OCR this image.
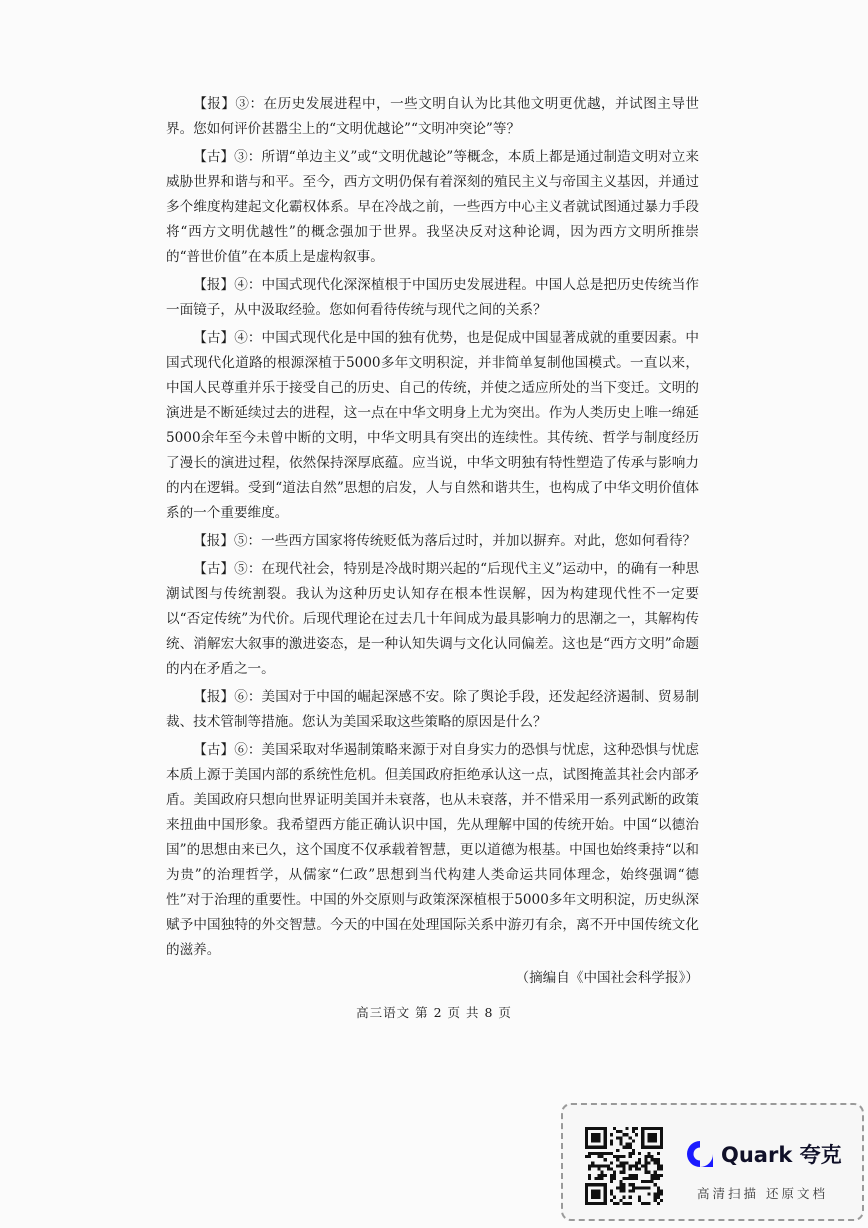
【报】③：在历史发展进程中，一些文明自认为比其他文明更优越，并试图主导世界。您如何评价甚嚣尘上的“文明优越论”“文明冲突论”等？

【古】③：所谓“单边主义”或“文明优越论”等概念，本质上都是通过制造文明对立来威胁世界和谐与和平。至今，西方文明仍保有着深刻的殖民主义与帝国主义基因，并通过多个维度构建起文化霸权体系。早在冷战之前，一些西方中心主义者就试图通过暴力手段将“西方文明优越性”的概念强加于世界。我坚决反对这种论调，因为西方文明所推崇的“普世价值”在本质上是虚构叙事。

【报】④：中国式现代化深深植根于中国历史发展进程。中国人总是把历史传统当作一面镜子，从中汲取经验。您如何看待传统与现代之间的关系？

【古】④：中国式现代化是中国的独有优势，也是促成中国显著成就的重要因素。中国式现代化道路的根源深植于5000多年文明积淀，并非简单复制他国模式。一直以来，中国人民尊重并乐于接受自己的历史、自己的传统，并使之适应所处的当下变迁。文明的演进是不断延续过去的进程，这一点在中华文明身上尤为突出。作为人类历史上唯一绵延5000余年至今未曾中断的文明，中华文明具有突出的连续性。其传统、哲学与制度经历了漫长的演进过程，依然保持深厚底蕴。应当说，中华文明独有特性塑造了传承与影响力的内在逻辑。受到“道法自然”思想的启发，人与自然和谐共生，也构成了中华文明价值体系的一个重要维度。

【报】⑤：一些西方国家将传统贬低为落后过时，并加以摒弃。对此，您如何看待？

【古】⑤：在现代社会，特别是冷战时期兴起的“后现代主义”运动中，的确有一种思潮试图与传统割裂。我认为这种历史认知存在根本性误解，因为构建现代性不一定要以“否定传统”为代价。后现代理论在过去几十年间成为最具影响力的思潮之一，其解构传统、消解宏大叙事的激进姿态，是一种认知失调与文化认同偏差。这也是“西方文明”命题的内在矛盾之一。

【报】⑥：美国对于中国的崛起深感不安。除了舆论手段，还发起经济遏制、贸易制裁、技术管制等措施。您认为美国采取这些策略的原因是什么？

【古】⑥：美国采取对华遏制策略来源于对自身实力的恐惧与忧虑，这种恐惧与忧虑本质上源于美国内部的系统性危机。但美国政府拒绝承认这一点，试图掩盖其社会内部矛盾。美国政府只想向世界证明美国并未衰落，也从未衰落，并不惜采用一系列武断的政策来扭曲中国形象。我希望西方能正确认识中国，先从理解中国的传统开始。中国“以德治国”的思想由来已久，这个国度不仅承载着智慧，更以道德为根基。中国也始终秉持“以和为贵”的治理哲学，从儒家“仁政”思想到当代构建人类命运共同体理念，始终强调“德性”对于治理的重要性。中国的外交原则与政策深深植根于5000多年文明积淀，历史纵深赋予中国独特的外交智慧。今天的中国在处理国际关系中游刃有余，离不开中国传统文化的滋养。

（摘编自《中国社会科学报》）
高三语文 第 2 页 共 8 页
Quark 夸克
高清扫描 还原文档
